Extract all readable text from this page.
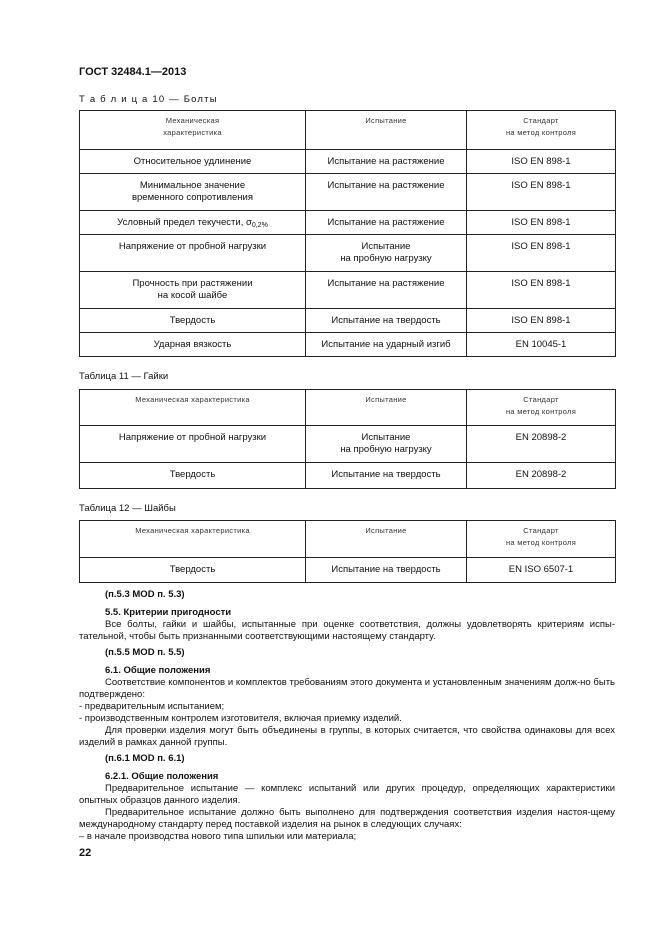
ГОСТ 32484.1—2013
Т а б л и ц а 10 — Болты
Механическая
характеристика	Испытание	Стандарт
на метод контроля

Относительное удлинение	Испытание на растяжение	ISO EN 898-1
Минимальное значение
временного сопротивления	Испытание на растяжение	ISO EN 898-1
Условный предел текучести, $\sigma_{0,2\%}$	Испытание на растяжение	ISO EN 898-1
Напряжение от пробной нагрузки	Испытание
на пробную нагрузку	ISO EN 898-1
Прочность при растяжении
на косой шайбе	Испытание на растяжение	ISO EN 898-1
Твердость	Испытание на твердость	ISO EN 898-1
Ударная вязкость	Испытание на ударный изгиб	EN 10045-1
Таблица 11 — Гайки
Механическая характеристика	Испытание	Стандарт
на метод контроля

Напряжение от пробной нагрузки	Испытание
на пробную нагрузку	EN 20898-2
Твердость	Испытание на твердость	EN 20898-2
Таблица 12 — Шайбы
Механическая характеристика	Испытание	Стандарт
на метод контроля

Твердость	Испытание на твердость	EN ISO 6507-1
(п.5.3 MOD п. 5.3)
5.5. Критерии пригодности
Все болты, гайки и шайбы, испытанные при оценке соответствия, должны удовлетворять критериям испы-тательной, чтобы быть признанными соответствующими настоящему стандарту.
(п.5.5 MOD п. 5.5)
6.1. Общие положения
Соответствие компонентов и комплектов требованиям этого документа и установленным значениям долж-но быть подтверждено:
- предварительным испытанием;
- производственным контролем изготовителя, включая приемку изделий.
Для проверки изделия могут быть объединены в группы, в которых считается, что свойства одинаковы для всех изделий в рамках данной группы.
(п.6.1 MOD п. 6.1)
6.2.1. Общие положения
Предварительное испытание — комплекс испытаний или других процедур, определяющих характеристики опытных образцов данного изделия.
Предварительное испытание должно быть выполнено для подтверждения соответствия изделия настоя-щему международному стандарту перед поставкой изделия на рынок в следующих случаях:
– в начале производства нового типа шпильки или материала;
22
